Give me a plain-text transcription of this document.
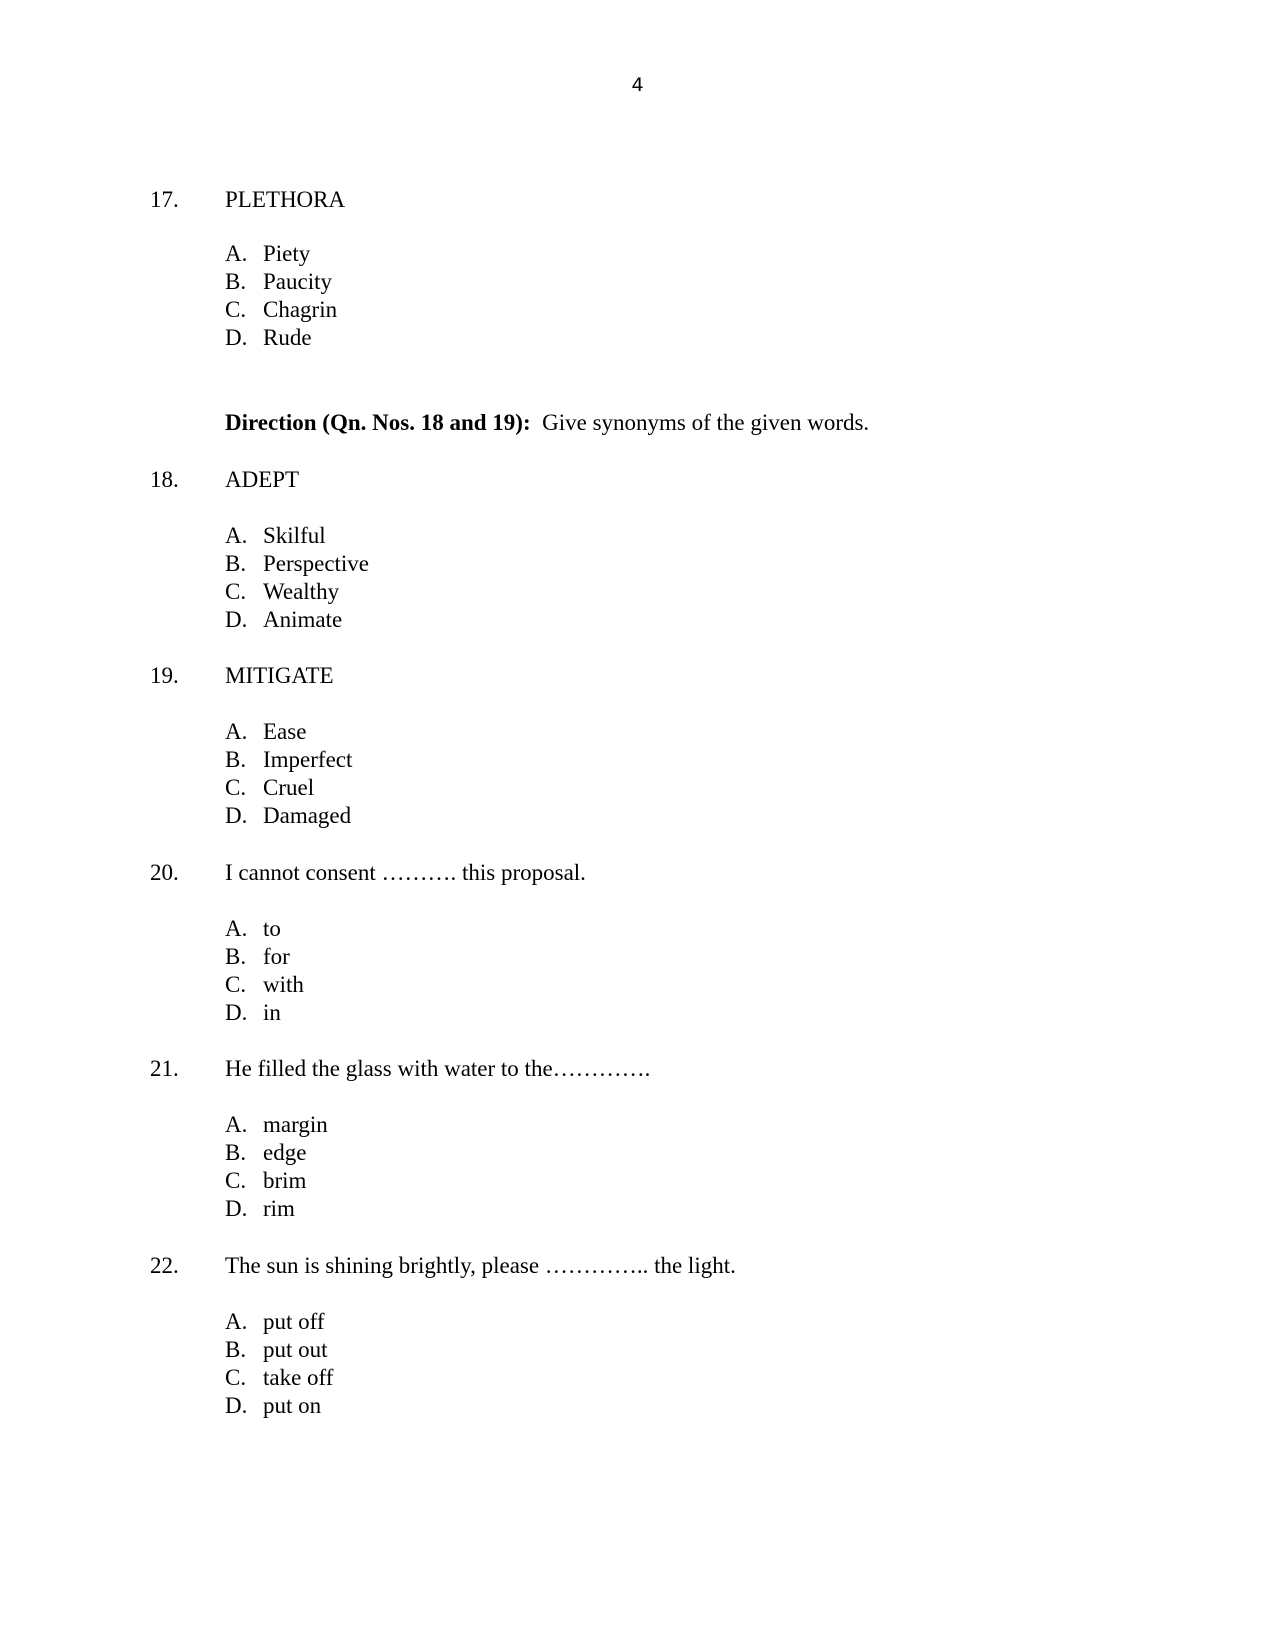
4
17. PLETHORA
A. Piety
B. Paucity
C. Chagrin
D. Rude
Direction (Qn. Nos. 18 and 19): Give synonyms of the given words.
18. ADEPT
A. Skilful
B. Perspective
C. Wealthy
D. Animate
19. MITIGATE
A. Ease
B. Imperfect
C. Cruel
D. Damaged
20. I cannot consent ………. this proposal.
A. to
B. for
C. with
D. in
21. He filled the glass with water to the………….
A. margin
B. edge
C. brim
D. rim
22. The sun is shining brightly, please ………….. the light.
A. put off
B. put out
C. take off
D. put on
